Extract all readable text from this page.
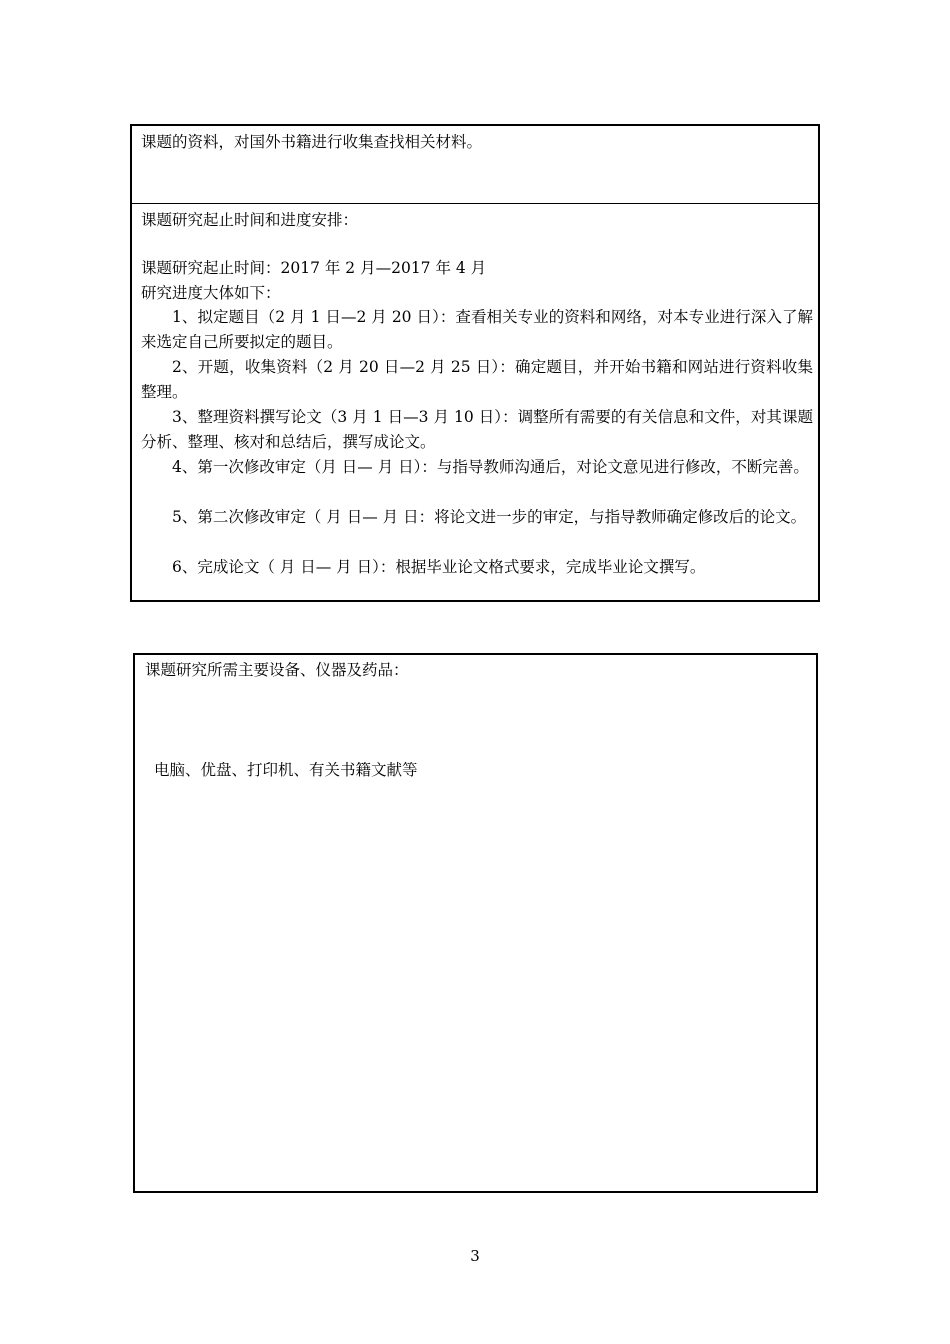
课题的资料，对国外书籍进行收集查找相关材料。
课题研究起止时间和进度安排：
课题研究起止时间：2017 年 2 月—2017 年 4 月
研究进度大体如下：
1、拟定题目（2 月 1 日—2 月 20 日）：查看相关专业的资料和网络，对本专业进行深入了解来选定自己所要拟定的题目。
2、开题，收集资料（2 月 20 日—2 月 25 日）：确定题目，并开始书籍和网站进行资料收集整理。
3、整理资料撰写论文（3 月 1 日—3 月 10 日）：调整所有需要的有关信息和文件，对其课题分析、整理、核对和总结后，撰写成论文。
4、第一次修改审定（月 日— 月 日）：与指导教师沟通后，对论文意见进行修改，不断完善。
5、第二次修改审定（ 月 日— 月 日：将论文进一步的审定，与指导教师确定修改后的论文。
6、完成论文（ 月 日— 月 日）：根据毕业论文格式要求，完成毕业论文撰写。
课题研究所需主要设备、仪器及药品：
电脑、优盘、打印机、有关书籍文献等
3
